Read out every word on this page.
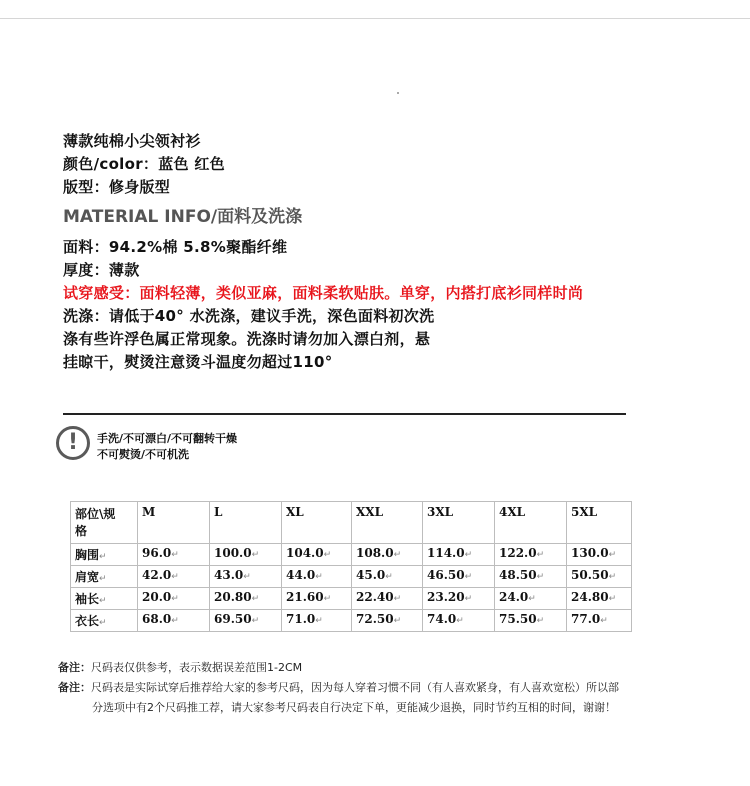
薄款纯棉小尖领衬衫
颜色/color：蓝色 红色
版型：修身版型
MATERIAL INFO/面料及洗涤
面料：94.2%棉 5.8%聚酯纤维
厚度：薄款
试穿感受：面料轻薄，类似亚麻，面料柔软贴肤。单穿，内搭打底衫同样时尚
洗涤：请低于40° 水洗涤，建议手洗，深色面料初次洗
涤有些许浮色属正常现象。洗涤时请勿加入漂白剂，悬
挂晾干，熨烫注意烫斗温度勿超过110°
!	手洗/不可漂白/不可翻转干燥
不可熨烫/不可机洗
部位\规
格	M	L	XL	XXL	3XL	4XL	5XL
胸围↵	96.0↵	100.0↵	104.0↵	108.0↵	114.0↵	122.0↵	130.0↵
肩宽↵	42.0↵	43.0↵	44.0↵	45.0↵	46.50↵	48.50↵	50.50↵
袖长↵	20.0↵	20.80↵	21.60↵	22.40↵	23.20↵	24.0↵	24.80↵
衣长↵	68.0↵	69.50↵	71.0↵	72.50↵	74.0↵	75.50↵	77.0↵
备注：尺码表仅供参考，表示数据误差范围1-2CM
备注：尺码表是实际试穿后推荐给大家的参考尺码，因为每人穿着习惯不同（有人喜欢紧身，有人喜欢宽松）所以部
分选项中有2个尺码推工荐，请大家参考尺码表自行决定下单，更能减少退换，同时节约互相的时间，谢谢！
